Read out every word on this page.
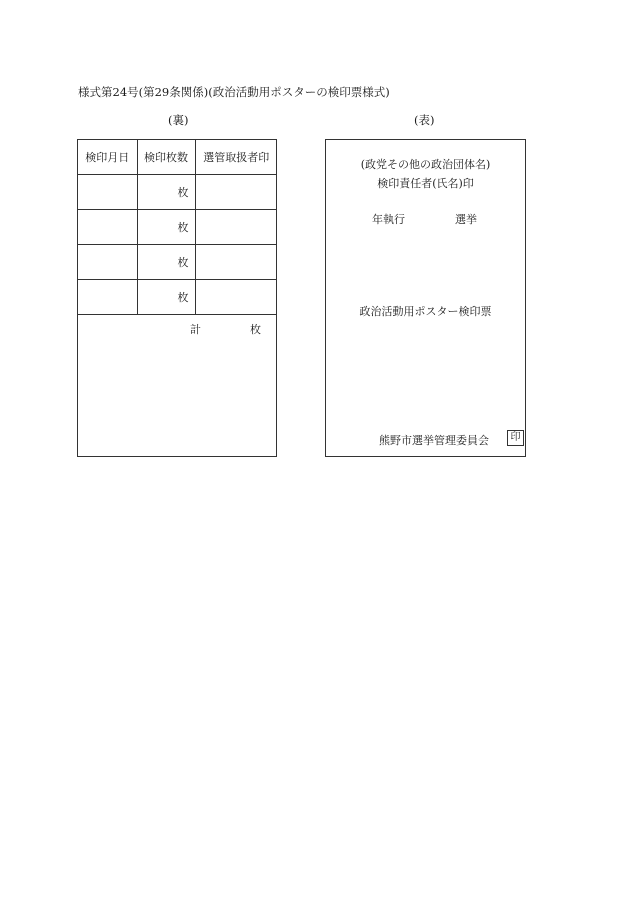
様式第24号(第29条関係)(政治活動用ポスターの検印票様式)
(裏)	(表)
検印月日	検印枚数	選管取扱者印
	枚	
	枚	
	枚	
	枚	
計	枚
(政党その他の政治団体名)
検印責任者(氏名)印
年執行	選挙
政治活動用ポスター検印票
熊野市選挙管理委員会	印
